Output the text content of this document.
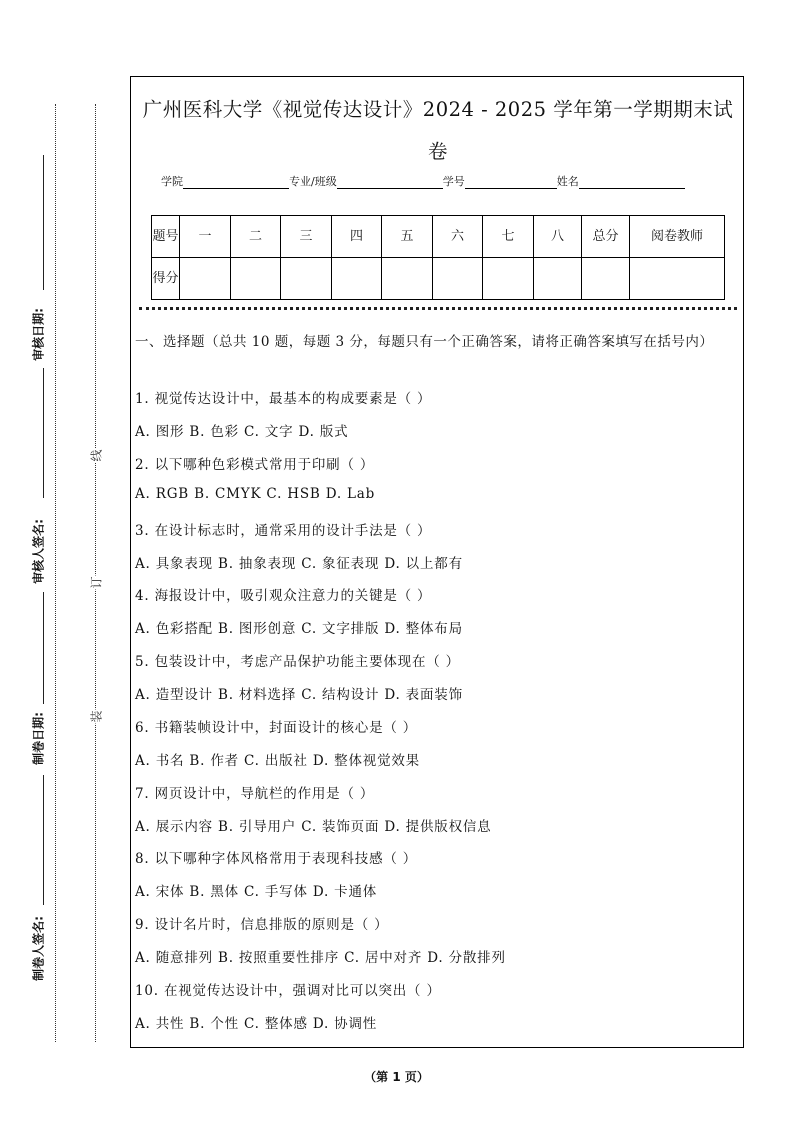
审核日期:
审核人签名:
制卷日期:
制卷人签名:
线
订
装
广州医科大学《视觉传达设计》2024 - 2025 学年第一学期期末试
卷
学院	专业/班级	学号	姓名
题号	一	二	三	四	五	六	七	八	总分	阅卷教师
得分										
一、选择题（总共 10 题，每题 3 分，每题只有一个正确答案，请将正确答案填写在括号内）
1. 视觉传达设计中，最基本的构成要素是（ ）
A. 图形 B. 色彩 C. 文字 D. 版式
2. 以下哪种色彩模式常用于印刷（ ）
A. RGB B. CMYK C. HSB D. Lab
3. 在设计标志时，通常采用的设计手法是（ ）
A. 具象表现 B. 抽象表现 C. 象征表现 D. 以上都有
4. 海报设计中，吸引观众注意力的关键是（ ）
A. 色彩搭配 B. 图形创意 C. 文字排版 D. 整体布局
5. 包装设计中，考虑产品保护功能主要体现在（ ）
A. 造型设计 B. 材料选择 C. 结构设计 D. 表面装饰
6. 书籍装帧设计中，封面设计的核心是（ ）
A. 书名 B. 作者 C. 出版社 D. 整体视觉效果
7. 网页设计中，导航栏的作用是（ ）
A. 展示内容 B. 引导用户 C. 装饰页面 D. 提供版权信息
8. 以下哪种字体风格常用于表现科技感（ ）
A. 宋体 B. 黑体 C. 手写体 D. 卡通体
9. 设计名片时，信息排版的原则是（ ）
A. 随意排列 B. 按照重要性排序 C. 居中对齐 D. 分散排列
10. 在视觉传达设计中，强调对比可以突出（ ）
A. 共性 B. 个性 C. 整体感 D. 协调性
（第 1 页）
